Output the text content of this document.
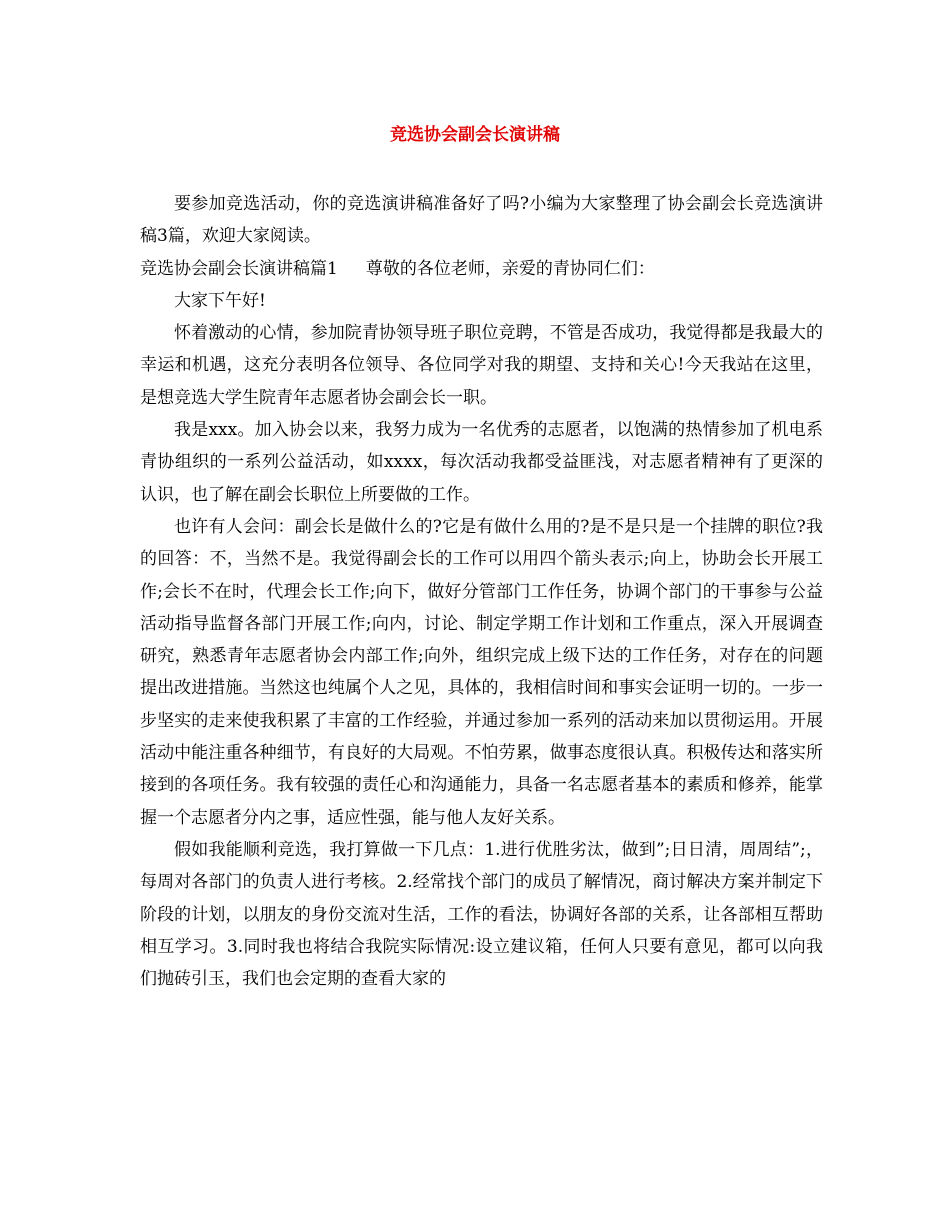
竞选协会副会长演讲稿

要参加竞选活动，你的竞选演讲稿准备好了吗?小编为大家整理了协会副会长竞选演讲稿3篇，欢迎大家阅读。

竞选协会副会长演讲稿篇1 尊敬的各位老师，亲爱的青协同仁们：

大家下午好!

怀着激动的心情，参加院青协领导班子职位竞聘，不管是否成功，我觉得都是我最大的幸运和机遇，这充分表明各位领导、各位同学对我的期望、支持和关心!今天我站在这里，是想竞选大学生院青年志愿者协会副会长一职。

我是xxx。加入协会以来，我努力成为一名优秀的志愿者，以饱满的热情参加了机电系青协组织的一系列公益活动，如xxxx，每次活动我都受益匪浅，对志愿者精神有了更深的认识，也了解在副会长职位上所要做的工作。

也许有人会问：副会长是做什么的?它是有做什么用的?是不是只是一个挂牌的职位?我的回答：不，当然不是。我觉得副会长的工作可以用四个箭头表示;向上，协助会长开展工作;会长不在时，代理会长工作;向下，做好分管部门工作任务，协调个部门的干事参与公益活动指导监督各部门开展工作;向内，讨论、制定学期工作计划和工作重点，深入开展调查研究，熟悉青年志愿者协会内部工作;向外，组织完成上级下达的工作任务，对存在的问题提出改进措施。当然这也纯属个人之见，具体的，我相信时间和事实会证明一切的。一步一步坚实的走来使我积累了丰富的工作经验，并通过参加一系列的活动来加以贯彻运用。开展活动中能注重各种细节，有良好的大局观。不怕劳累，做事态度很认真。积极传达和落实所接到的各项任务。我有较强的责任心和沟通能力，具备一名志愿者基本的素质和修养，能掌握一个志愿者分内之事，适应性强，能与他人友好关系。

假如我能顺利竞选，我打算做一下几点：1.进行优胜劣汰，做到”;日日清，周周结”;，每周对各部门的负责人进行考核。2.经常找个部门的成员了解情况，商讨解决方案并制定下阶段的计划，以朋友的身份交流对生活，工作的看法，协调好各部的关系，让各部相互帮助相互学习。3.同时我也将结合我院实际情况:设立建议箱，任何人只要有意见，都可以向我们抛砖引玉，我们也会定期的查看大家的
